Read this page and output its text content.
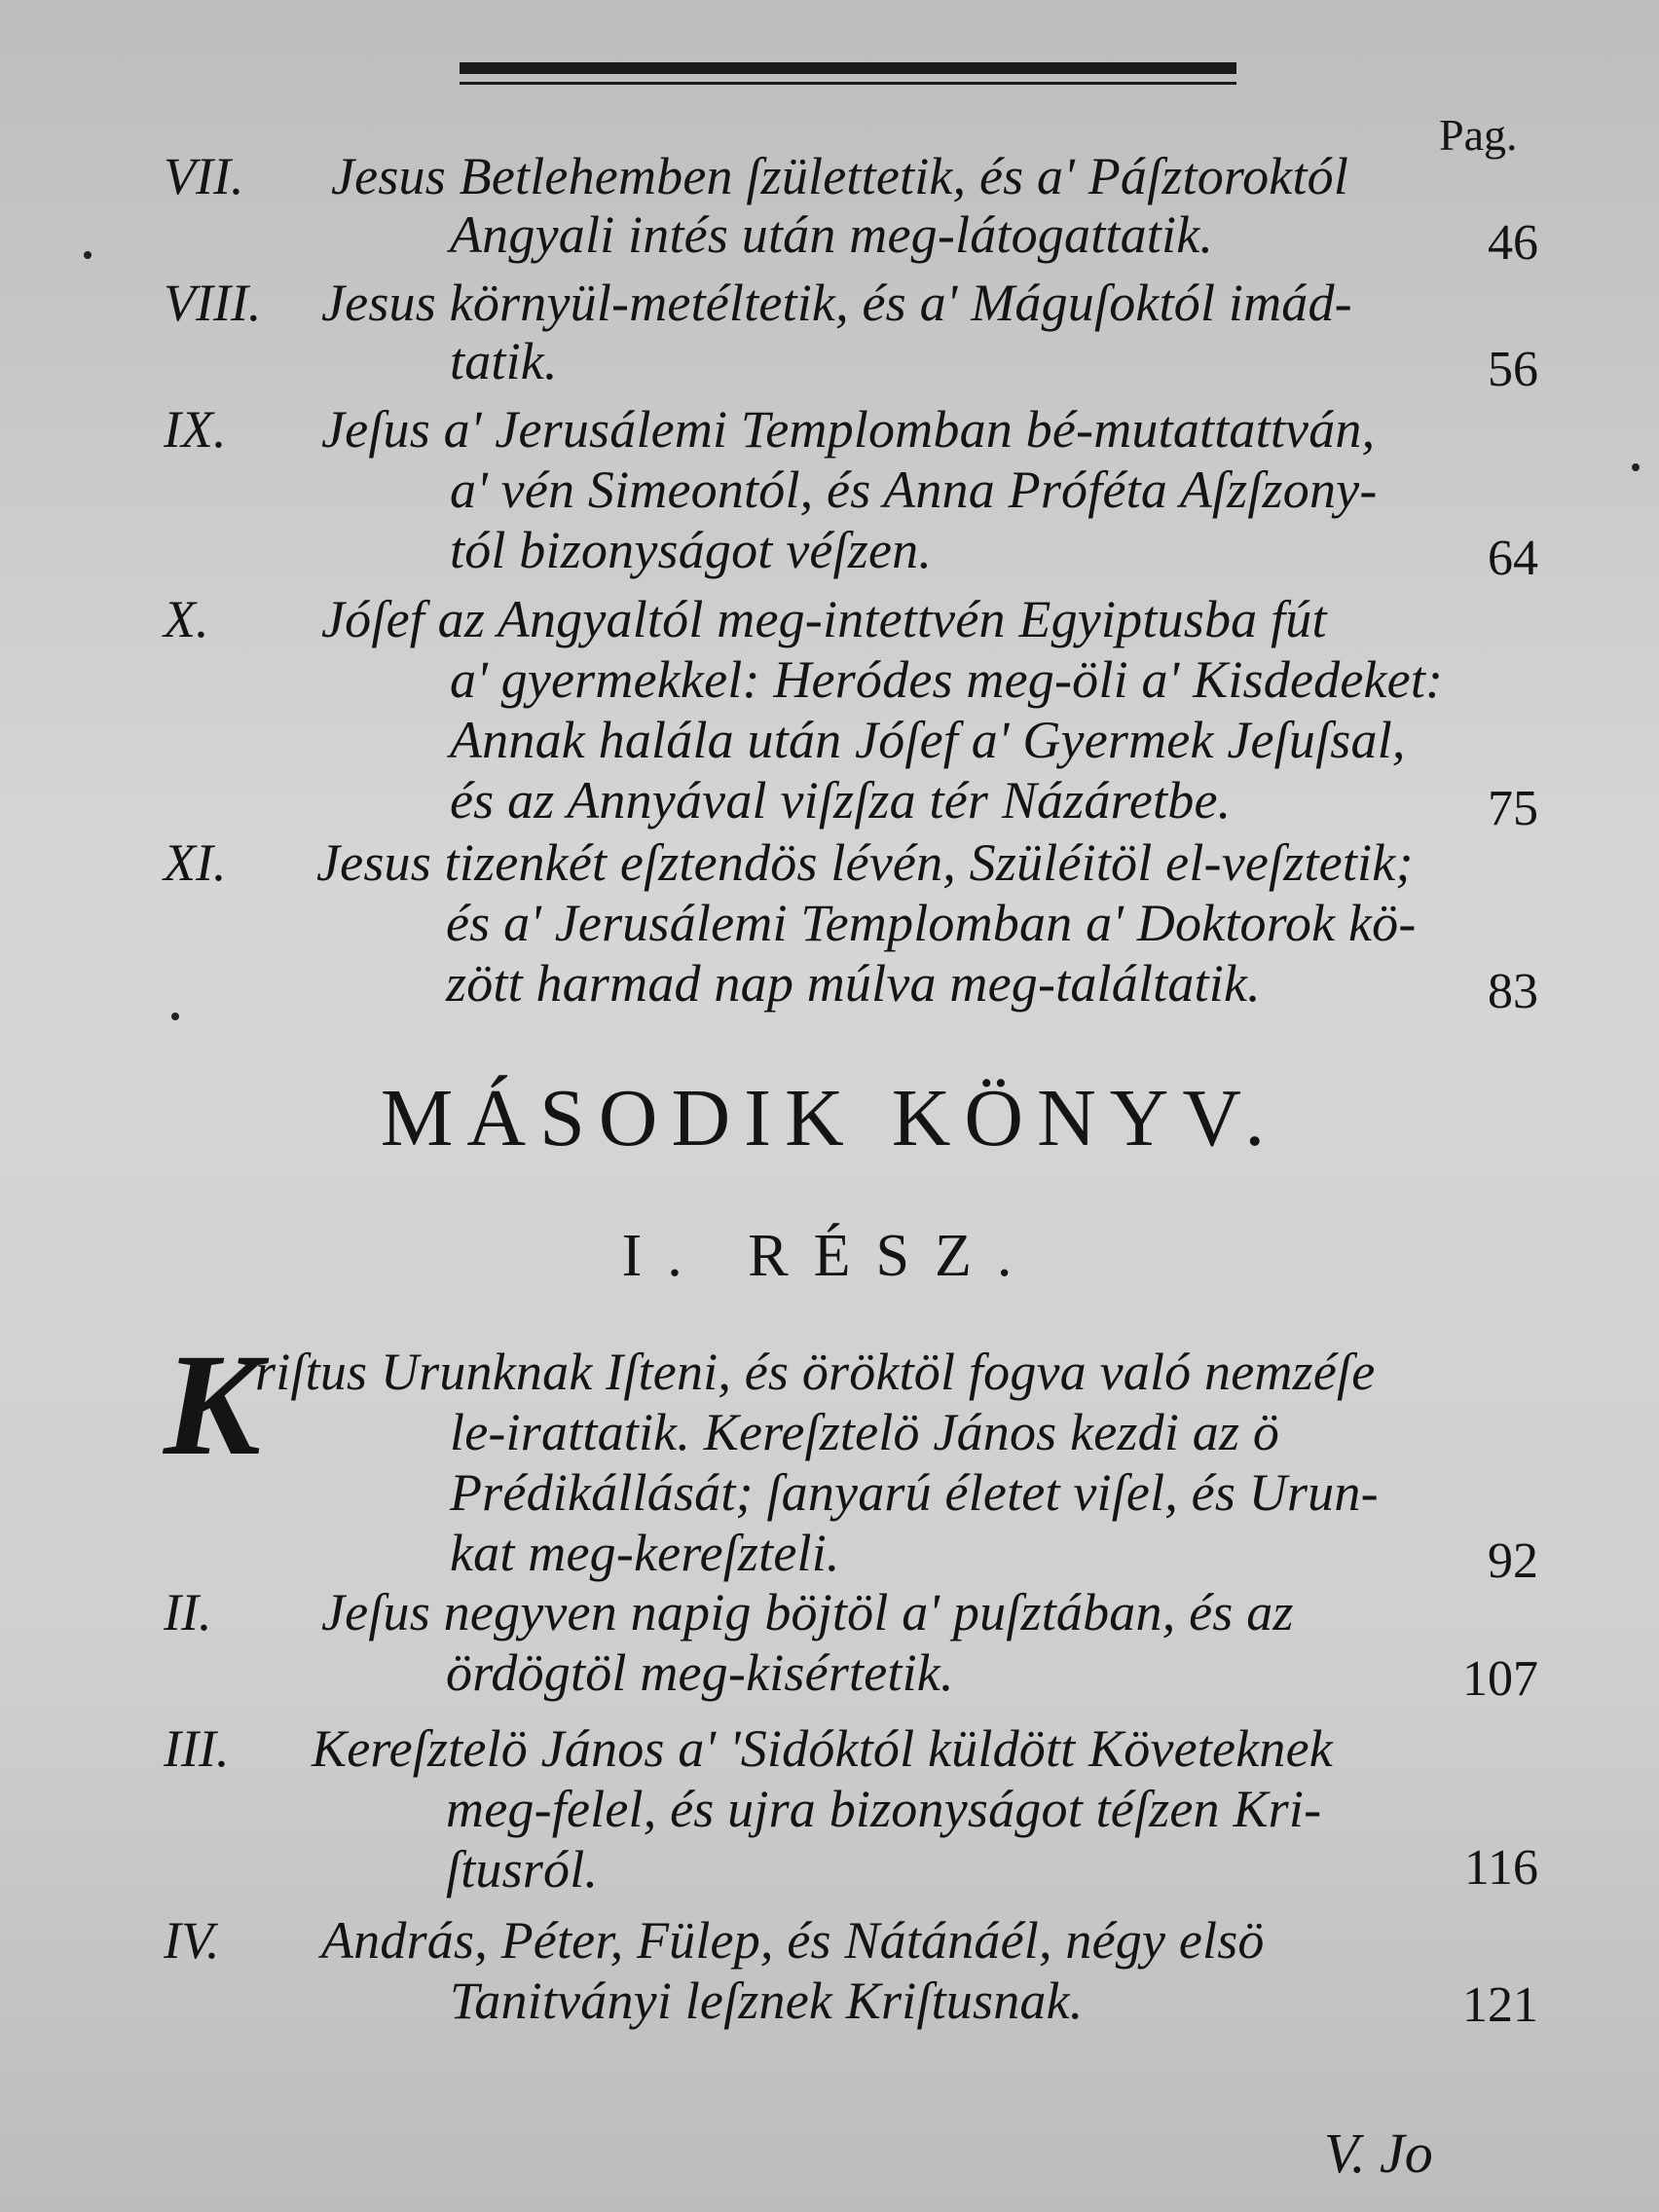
Pag.
VII. Jesus Betlehemben ſzülettetik, és a' Páſztoroktól
Angyali intés után meg-látogattatik.	46
VIII. Jesus környül-metéltetik, és a' Máguſoktól imád-
tatik.	56
IX. Jeſus a' Jerusálemi Templomban bé-mutattattván,
a' vén Simeontól, és Anna Próféta Aſzſzony-
tól bizonyságot véſzen.	64
X. Jóſef az Angyaltól meg-intettvén Egyiptusba fút
a' gyermekkel: Heródes meg-öli a' Kisdedeket:
Annak halála után Jóſef a' Gyermek Jeſuſsal,
és az Annyával viſzſza tér Názáretbe.	75
XI. Jesus tizenkét eſztendös lévén, Szüléitöl el-veſztetik;
és a' Jerusálemi Templomban a' Doktorok kö-
zött harmad nap múlva meg-találtatik.	83
MÁSODIK KÖNYV.
I. RÉSZ.
K
riſtus Urunknak Iſteni, és öröktöl fogva való nemzéſe
le-irattatik. Kereſztelö János kezdi az ö
Prédikállását; ſanyarú életet viſel, és Urun-
kat meg-kereſzteli.	92
II. Jeſus negyven napig böjtöl a' puſztában, és az
ördögtöl meg-kisértetik.	107
III. Kereſztelö János a' 'Sidóktól küldött Követeknek
meg-felel, és ujra bizonyságot téſzen Kri-
ſtusról.	116
IV. András, Péter, Fülep, és Nátánáél, négy elsö
Tanitványi leſznek Kriſtusnak.	121
V. Jo
